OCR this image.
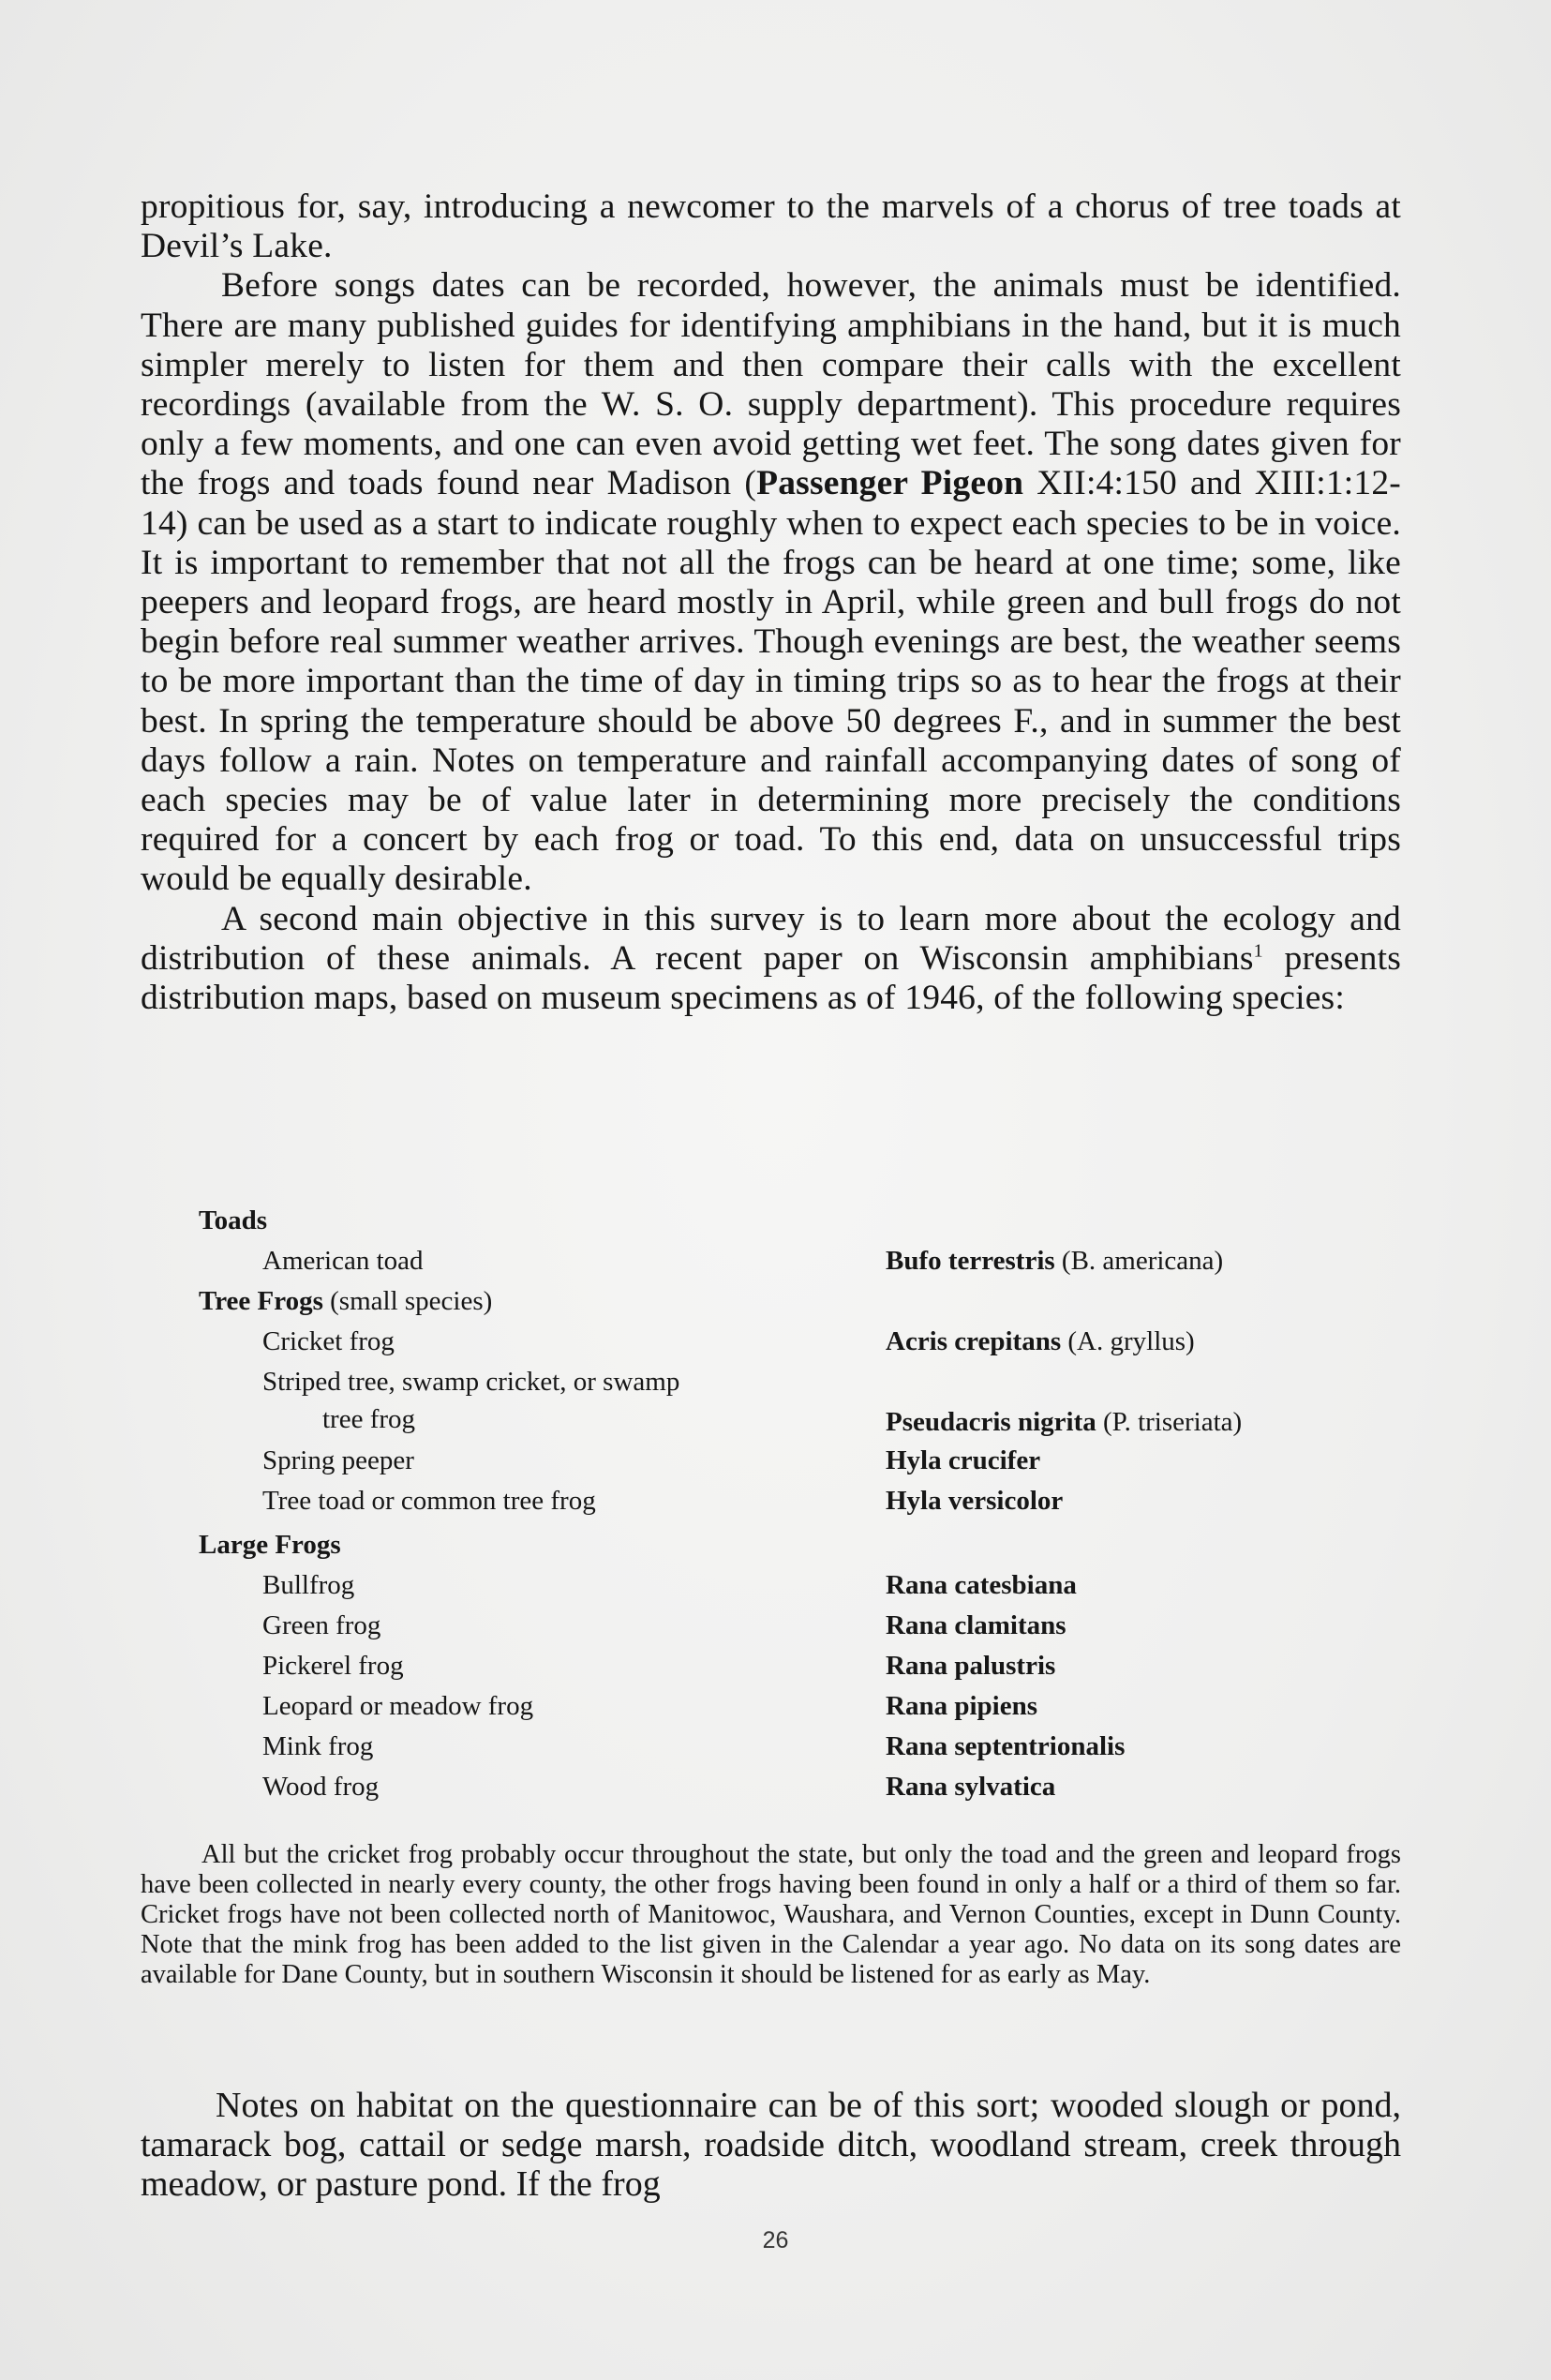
propitious for, say, introducing a newcomer to the marvels of a chorus of tree toads at Devil’s Lake.

Before songs dates can be recorded, however, the animals must be identified. There are many published guides for identifying amphibians in the hand, but it is much simpler merely to listen for them and then compare their calls with the excellent recordings (available from the W. S. O. supply department). This procedure requires only a few moments, and one can even avoid getting wet feet. The song dates given for the frogs and toads found near Madison (Passenger Pigeon XII:4:150 and XIII:1:12-14) can be used as a start to indicate roughly when to expect each species to be in voice. It is important to remember that not all the frogs can be heard at one time; some, like peepers and leopard frogs, are heard mostly in April, while green and bull frogs do not begin before real summer weather arrives. Though evenings are best, the weather seems to be more important than the time of day in timing trips so as to hear the frogs at their best. In spring the temperature should be above 50 degrees F., and in summer the best days follow a rain. Notes on temperature and rainfall accompanying dates of song of each species may be of value later in determining more precisely the conditions required for a concert by each frog or toad. To this end, data on unsuccessful trips would be equally desirable.

A second main objective in this survey is to learn more about the ecology and distribution of these animals. A recent paper on Wisconsin amphibians$^1$ presents distribution maps, based on museum specimens as of 1946, of the following species:

Toads
American toad	Bufo terrestris (B. americana)
Tree Frogs (small species)
Cricket frog	Acris crepitans (A. gryllus)
Striped tree, swamp cricket, or swamp
tree frog	Pseudacris nigrita (P. triseriata)
Spring peeper	Hyla crucifer
Tree toad or common tree frog	Hyla versicolor
Large Frogs
Bullfrog	Rana catesbiana
Green frog	Rana clamitans
Pickerel frog	Rana palustris
Leopard or meadow frog	Rana pipiens
Mink frog	Rana septentrionalis
Wood frog	Rana sylvatica

All but the cricket frog probably occur throughout the state, but only the toad and the green and leopard frogs have been collected in nearly every county, the other frogs having been found in only a half or a third of them so far. Cricket frogs have not been collected north of Manitowoc, Waushara, and Vernon Counties, except in Dunn County. Note that the mink frog has been added to the list given in the Calendar a year ago. No data on its song dates are available for Dane County, but in southern Wisconsin it should be listened for as early as May.

Notes on habitat on the questionnaire can be of this sort; wooded slough or pond, tamarack bog, cattail or sedge marsh, roadside ditch, woodland stream, creek through meadow, or pasture pond. If the frog

26
